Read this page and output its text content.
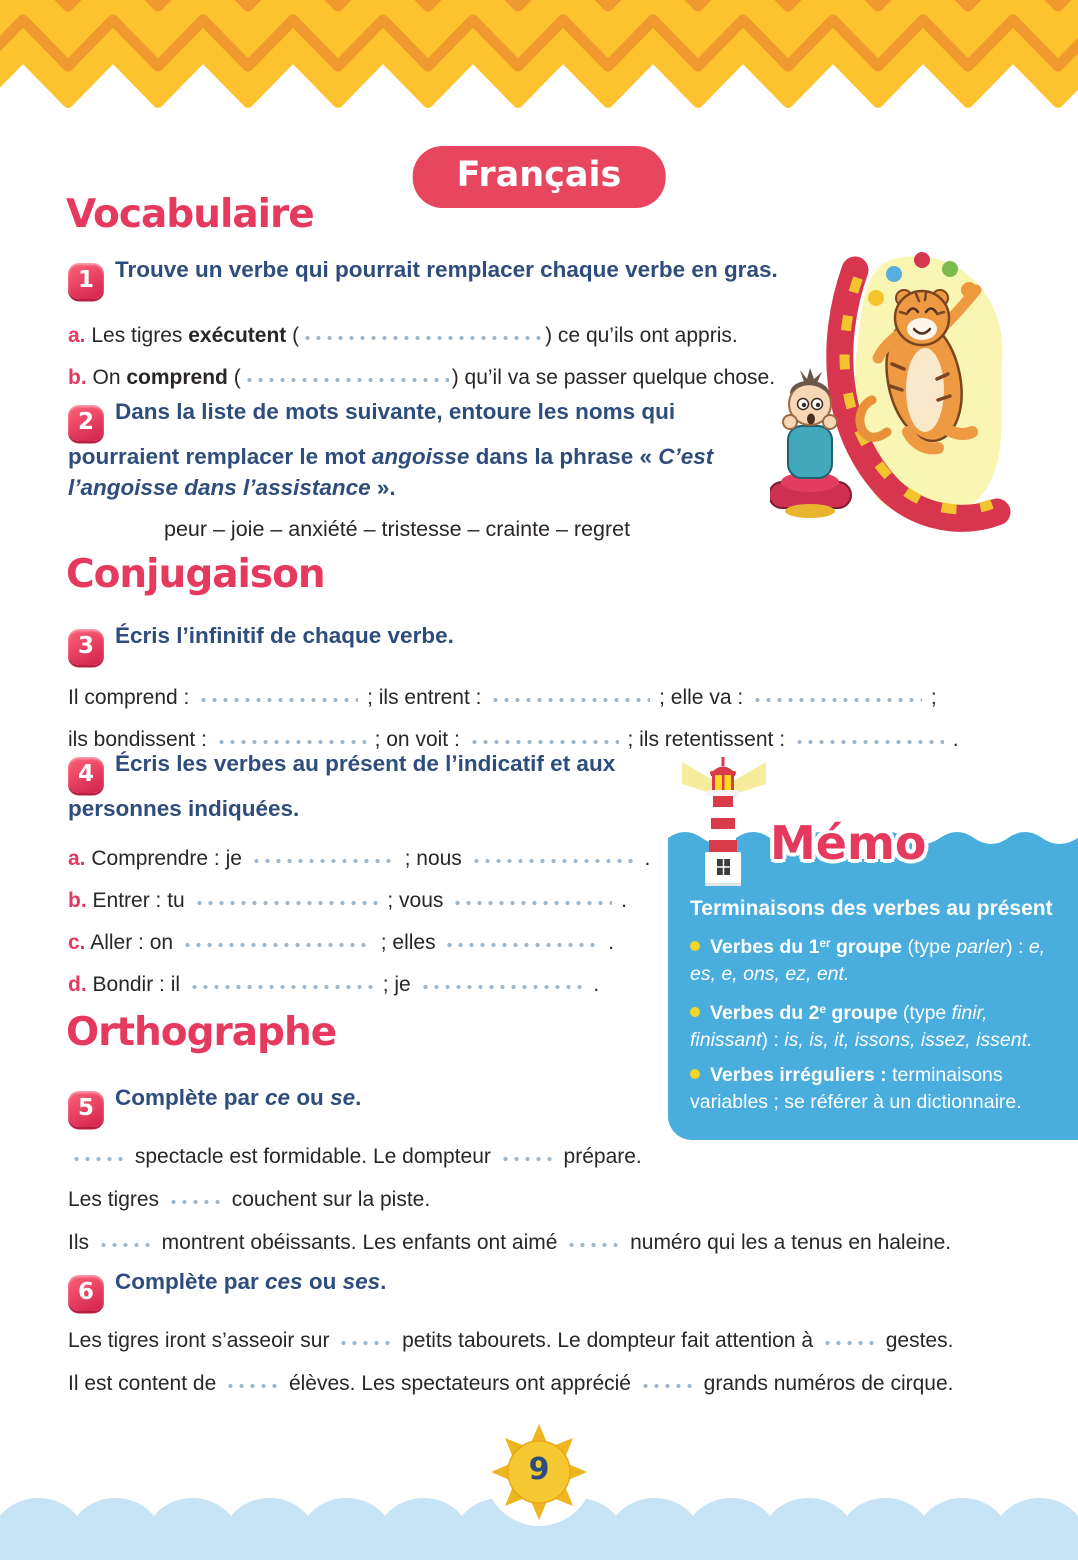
Français
Vocabulaire
1 Trouve un verbe qui pourrait remplacer chaque verbe en gras.

a. Les tigres exécutent (	) ce qu’ils ont appris.

b. On comprend (	) qu’il va se passer quelque chose.

2 Dans la liste de mots suivante, entoure les noms qui pourraient remplacer le mot angoisse dans la phrase « C’est l’angoisse dans l’assistance ».

peur – joie – anxiété – tristesse – crainte – regret

Conjugaison
3 Écris l’infinitif de chaque verbe.

Il comprend :	; ils entrent :	; elle va :	;

ils bondissent :	; on voit :	; ils retentissent :	.

4 Écris les verbes au présent de l’indicatif et aux personnes indiquées.

a. Comprendre : je	; nous	.

b. Entrer : tu	; vous	.

c. Aller : on	; elles	.

d. Bondir : il	; je	.

Mémo

Terminaisons des verbes au présent

Verbes du 1er groupe (type parler) : e, es, e, ons, ez, ent.

Verbes du 2e groupe (type finir, finissant) : is, is, it, issons, issez, issent.

Verbes irréguliers : terminaisons variables ; se référer à un dictionnaire.

Orthographe
5 Complète par ce ou se.

spectacle est formidable. Le dompteur	prépare.

Les tigres	couchent sur la piste.

Ils	montrent obéissants. Les enfants ont aimé	numéro qui les a tenus en haleine.

6 Complète par ces ou ses.

Les tigres iront s’asseoir sur	petits tabourets. Le dompteur fait attention à	gestes.

Il est content de	élèves. Les spectateurs ont apprécié	grands numéros de cirque.

9
